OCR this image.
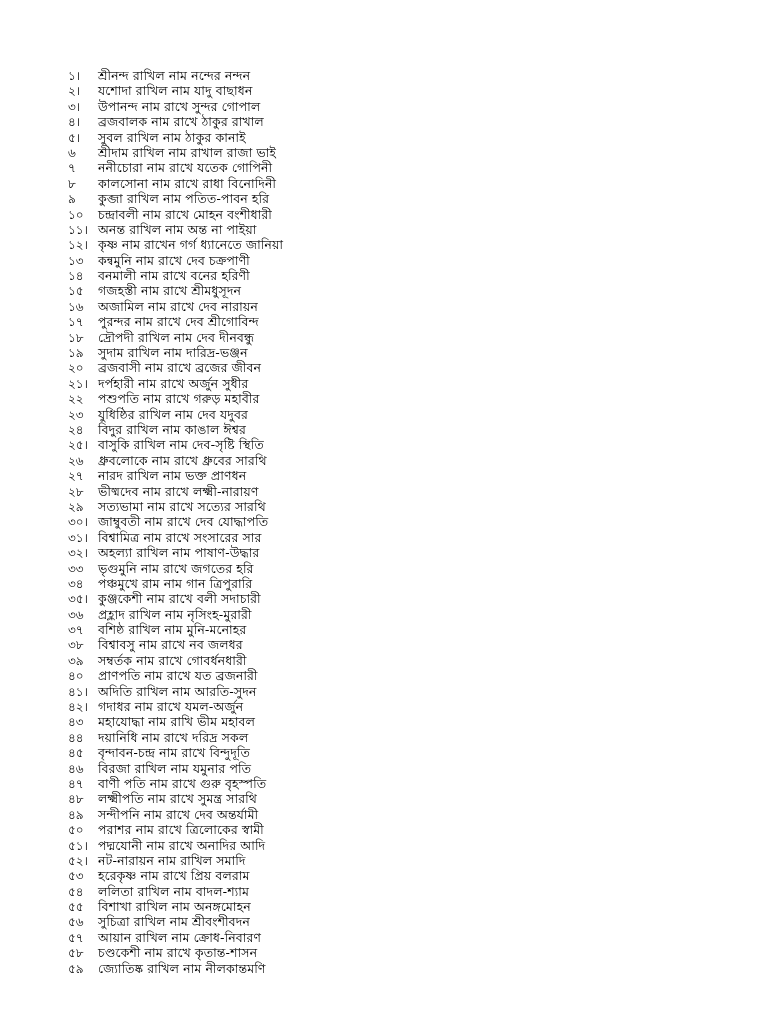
১।	শ্রীনন্দ রাখিল নাম নন্দের নন্দন
২।	যশোদা রাখিল নাম যাদু বাছাধন
৩।	উপানন্দ নাম রাখে সুন্দর গোপাল
৪।	ব্রজবালক নাম রাখে ঠাকুর রাখাল
৫।	সুবল রাখিল নাম ঠাকুর কানাই
৬	শ্রীদাম রাখিল নাম রাখাল রাজা ভাই
৭	ননীচোরা নাম রাখে যতেক গোপিনী
৮	কালসোনা নাম রাখে রাধা বিনোদিনী
৯	কুব্জা রাখিল নাম পতিত-পাবন হরি
১০	চন্দ্রাবলী নাম রাখে মোহন বংশীধারী
১১। অনন্ত রাখিল নাম অন্ত না পাইয়া
১২। কৃষ্ণ নাম রাখেন গর্গ ধ্যানেতে জানিয়া
১৩	কন্বমুনি নাম রাখে দেব চক্রপাণী
১৪	বনমালী নাম রাখে বনের হরিণী
১৫	গজহস্তী নাম রাখে শ্রীমধুসূদন
১৬	অজামিল নাম রাখে দেব নারায়ন
১৭	পুরন্দর নাম রাখে দেব শ্রীগোবিন্দ
১৮	দ্রৌপদী রাখিল নাম দেব দীনবন্ধু
১৯	সুদাম রাখিল নাম দারিদ্র-ভঞ্জন
২০	ব্রজবাসী নাম রাখে ব্রজের জীবন
২১। দর্পহারী নাম রাখে অর্জুন সুধীর
২২	পশুপতি নাম রাখে গরুড় মহাবীর
২৩	যুধিষ্ঠির রাখিল নাম দেব যদুবর
২৪	বিদুর রাখিল নাম কাঙাল ঈশ্বর
২৫। বাসুকি রাখিল নাম দেব-সৃষ্টি স্থিতি
২৬	ধ্রুবলোকে নাম রাখে ধ্রুবের সারথি
২৭	নারদ রাখিল নাম ভক্ত প্রাণধন
২৮	ভীষ্মদেব নাম রাখে লক্ষ্মী-নারায়ণ
২৯	সত্যভামা নাম রাখে সত্যের সারথি
৩০। জাম্বুবতী নাম রাখে দেব যোদ্ধাপতি
৩১। বিশ্বামিত্র নাম রাখে সংসারের সার
৩২। অহল্যা রাখিল নাম পাষাণ-উদ্ধার
৩৩	ভৃগুমুনি নাম রাখে জগতের হরি
৩৪	পঞ্চমুখে রাম নাম গান ত্রিপুরারি
৩৫। কুঞ্জকেশী নাম রাখে বলী সদাচারী
৩৬	প্রহ্লাদ রাখিল নাম নৃসিংহ-মুরারী
৩৭	বশিষ্ঠ রাখিল নাম মুনি-মনোহর
৩৮	বিশ্বাবসু নাম রাখে নব জলধর
৩৯	সম্বর্তক নাম রাখে গোবর্ধনধারী
৪০	প্রাণপতি নাম রাখে যত ব্রজনারী
৪১। অদিতি রাখিল নাম আরতি-সুদন
৪২। গদাধর নাম রাখে যমল-অর্জুন
৪৩	মহাযোদ্ধা নাম রাখি ভীম মহাবল
৪৪	দয়ানিধি নাম রাখে দরিদ্র সকল
৪৫	বৃন্দাবন-চন্দ্র নাম রাখে বিন্দুদূতি
৪৬	বিরজা রাখিল নাম যমুনার পতি
৪৭	বাণী পতি নাম রাখে গুরু বৃহস্পতি
৪৮	লক্ষ্মীপতি নাম রাখে সুমন্ত্র সারথি
৪৯	সন্দীপনি নাম রাখে দেব অন্তর্যামী
৫০	পরাশর নাম রাখে ত্রিলোকের স্বামী
৫১। পদ্মযোনী নাম রাখে অনাদির আদি
৫২। নট-নারায়ন নাম রাখিল সমাদি
৫৩	হরেকৃষ্ণ নাম রাখে প্রিয় বলরাম
৫৪	ললিতা রাখিল নাম বাদল-শ্যাম
৫৫	বিশাখা রাখিল নাম অনঙ্গমোহন
৫৬	সুচিত্রা রাখিল নাম শ্রীবংশীবদন
৫৭	আয়ান রাখিল নাম ক্রোধ-নিবারণ
৫৮	চণ্ডকেশী নাম রাখে কৃতান্ত-শাসন
৫৯	জ্যোতিষ্ক রাখিল নাম নীলকান্তমণি
